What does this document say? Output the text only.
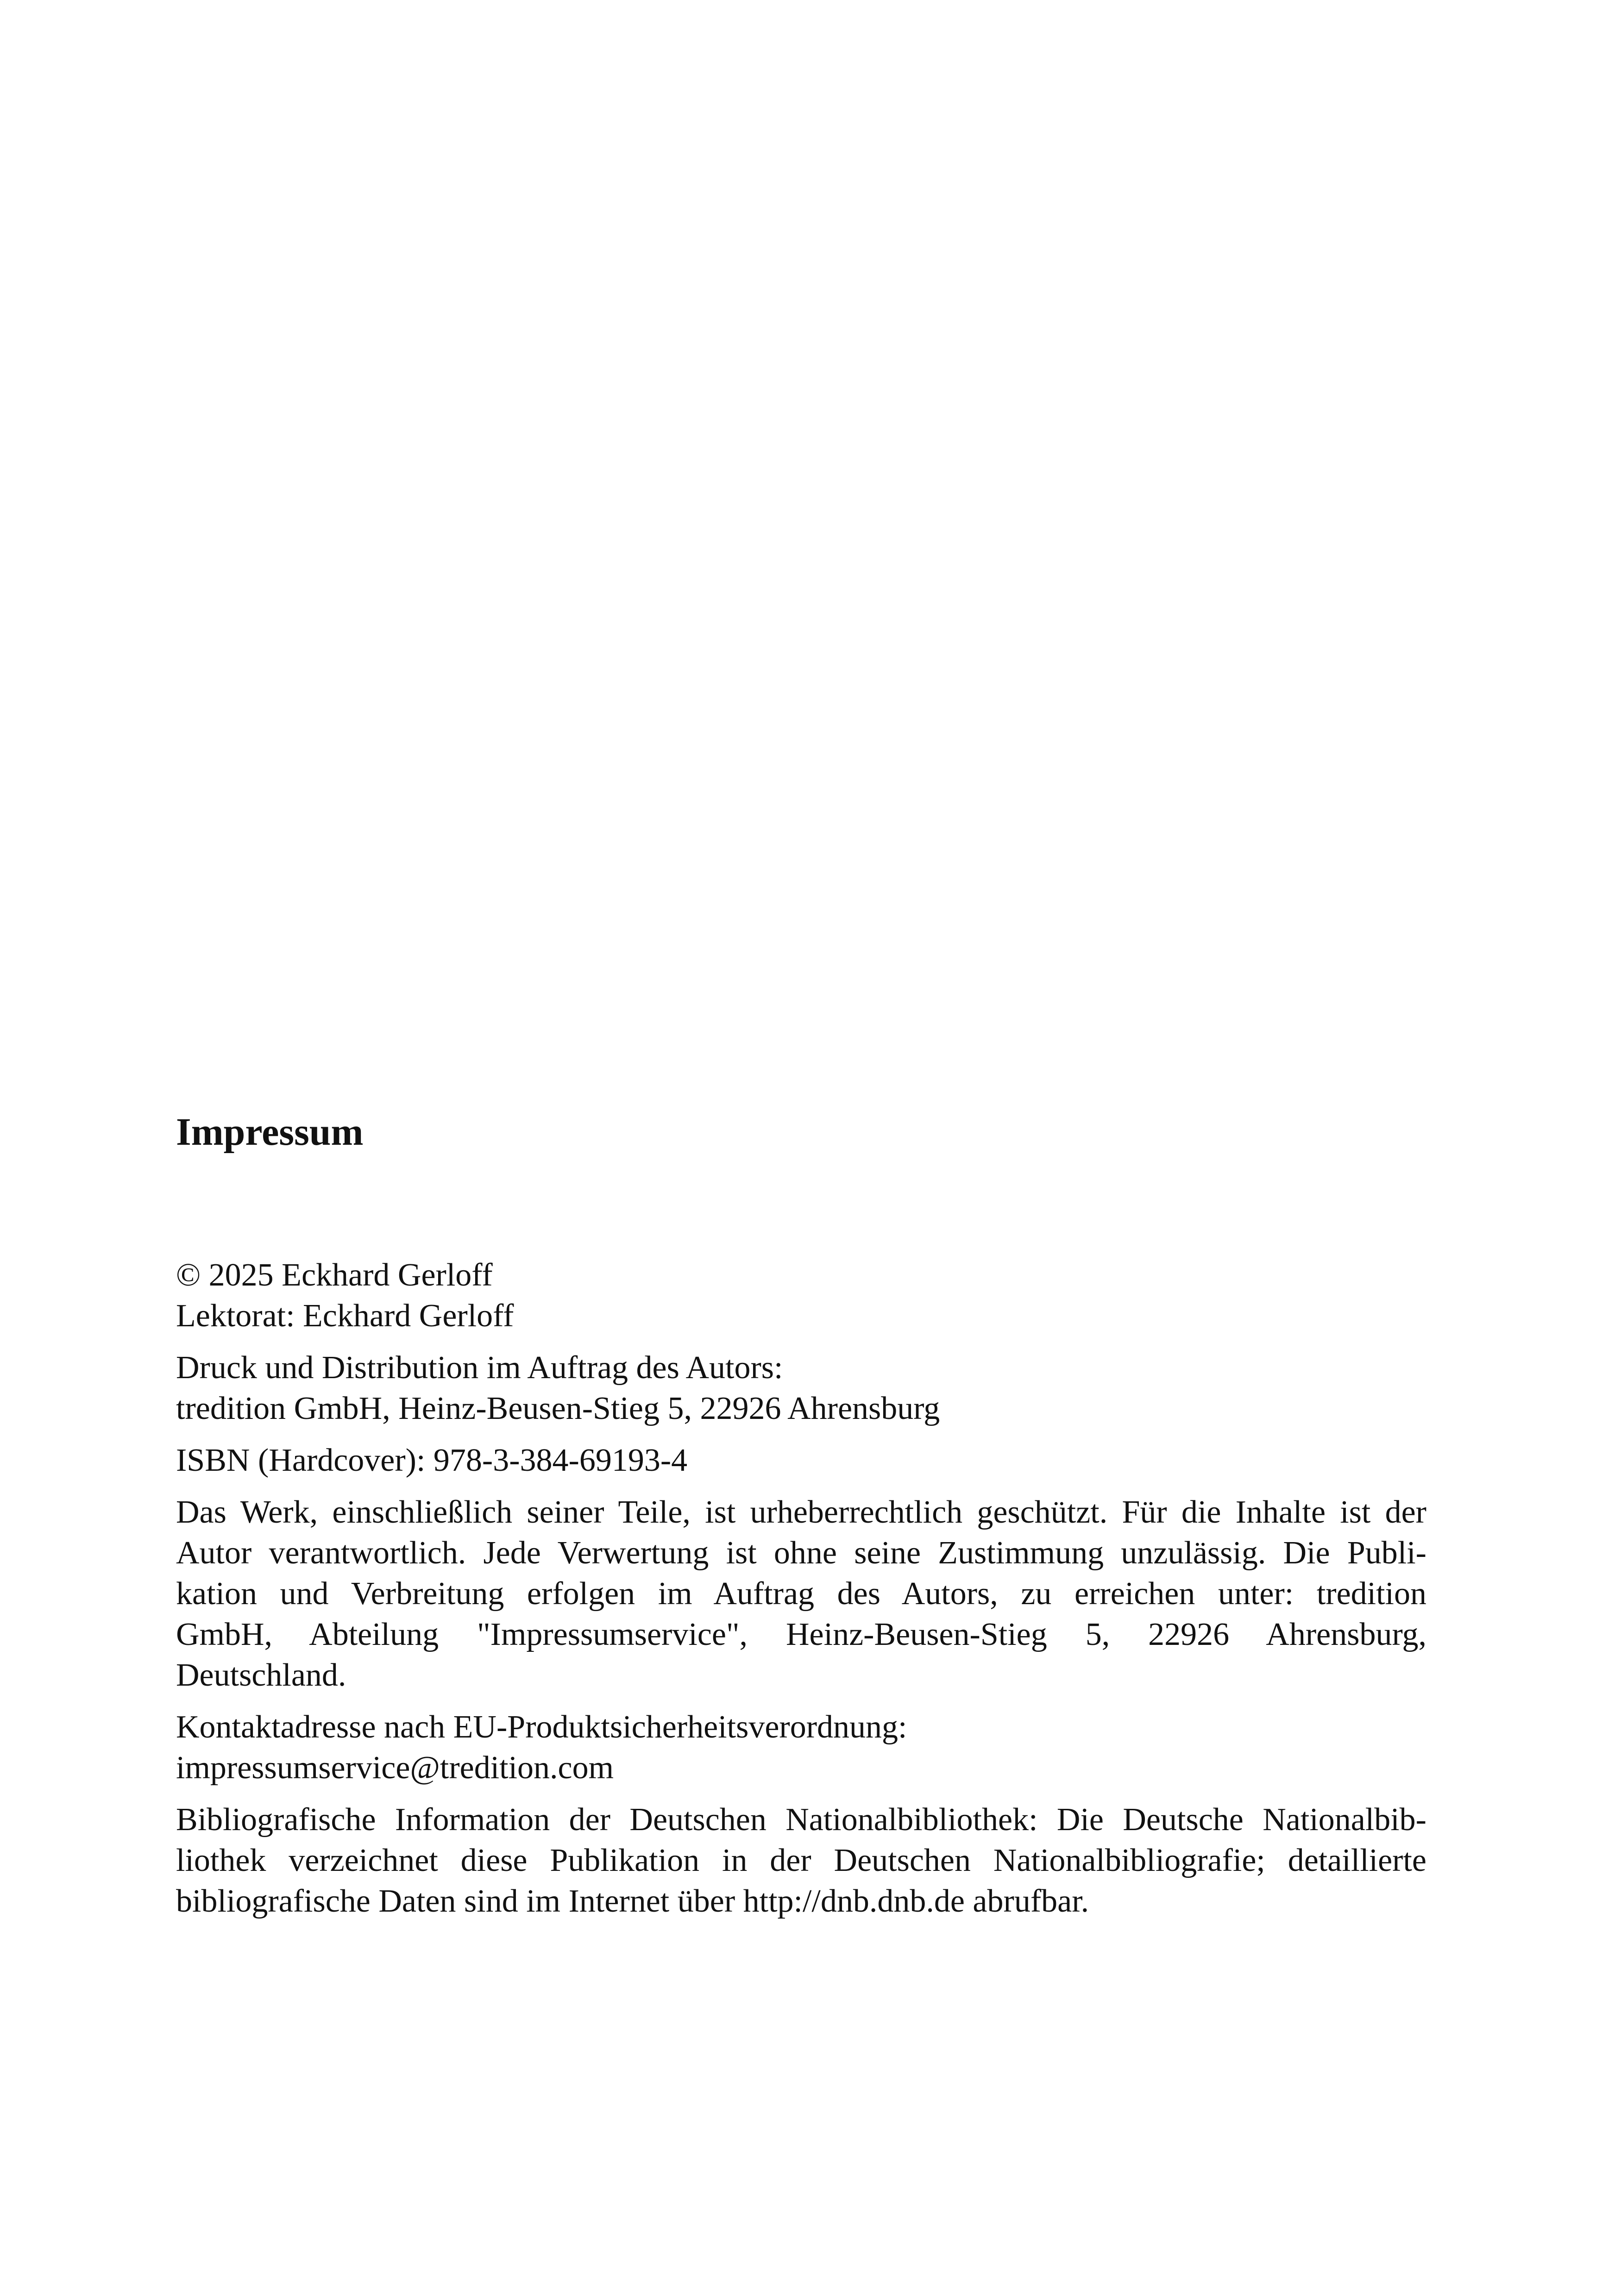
Impressum
© 2025 Eckhard Gerloff
Lektorat: Eckhard Gerloff
Druck und Distribution im Auftrag des Autors:
tredition GmbH, Heinz-Beusen-Stieg 5, 22926 Ahrensburg
ISBN (Hardcover): 978-3-384-69193-4
Das Werk, einschließlich seiner Teile, ist urheberrechtlich geschützt. Für die Inhalte ist der
Autor verantwortlich. Jede Verwertung ist ohne seine Zustimmung unzulässig. Die Publi-
kation und Verbreitung erfolgen im Auftrag des Autors, zu erreichen unter: tredition
GmbH, Abteilung "Impressumservice", Heinz-Beusen-Stieg 5, 22926 Ahrensburg,
Deutschland.
Kontaktadresse nach EU-Produktsicherheitsverordnung:
impressumservice@tredition.com
Bibliografische Information der Deutschen Nationalbibliothek: Die Deutsche Nationalbib-
liothek verzeichnet diese Publikation in der Deutschen Nationalbibliografie; detaillierte
bibliografische Daten sind im Internet über http://dnb.dnb.de abrufbar.
